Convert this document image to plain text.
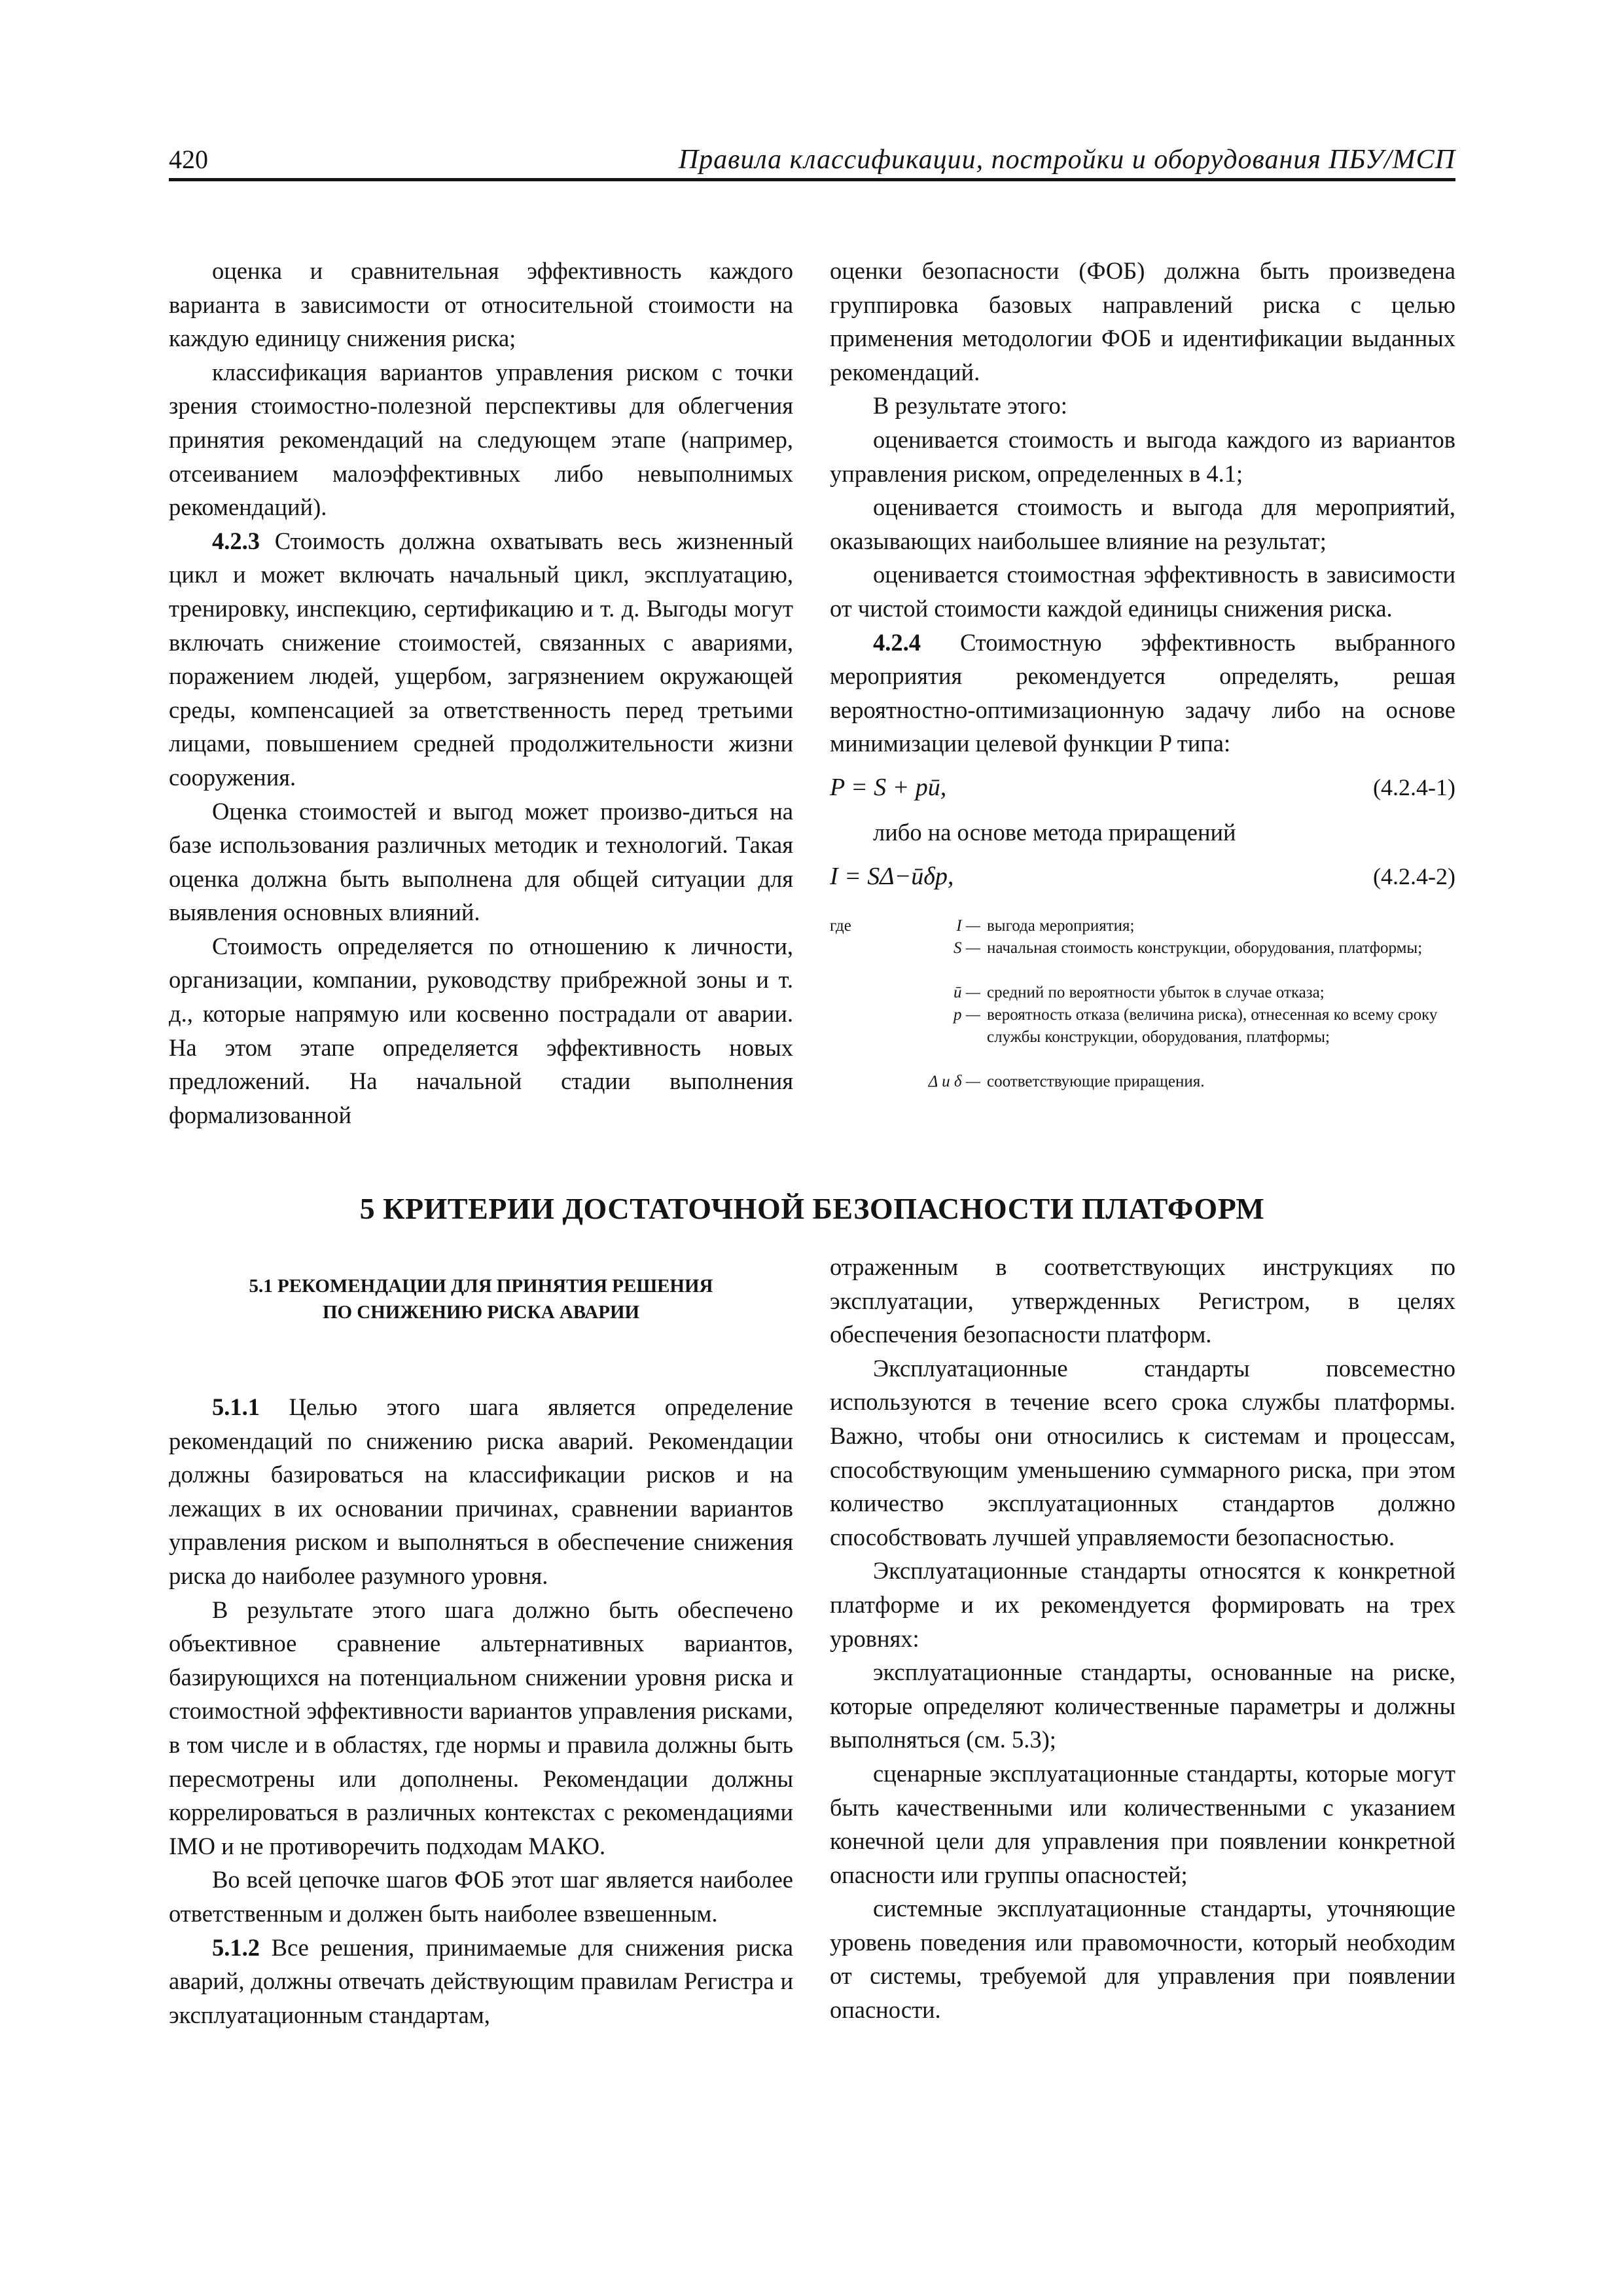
420	Правила классификации, постройки и оборудования ПБУ/МСП

оценка и сравнительная эффективность каждого варианта в зависимости от относительной стоимости на каждую единицу снижения риска;

классификация вариантов управления риском с точки зрения стоимостно-полезной перспективы для облегчения принятия рекомендаций на следующем этапе (например, отсеиванием малоэффективных либо невыполнимых рекомендаций).

4.2.3 Стоимость должна охватывать весь жизненный цикл и может включать начальный цикл, эксплуатацию, тренировку, инспекцию, сертификацию и т. д. Выгоды могут включать снижение стоимостей, связанных с авариями, поражением людей, ущербом, загрязнением окружающей среды, компенсацией за ответственность перед третьими лицами, повышением средней продолжительности жизни сооружения.

Оценка стоимостей и выгод может произво-диться на базе использования различных методик и технологий. Такая оценка должна быть выполнена для общей ситуации для выявления основных влияний.

Стоимость определяется по отношению к личности, организации, компании, руководству прибрежной зоны и т. д., которые напрямую или косвенно пострадали от аварии. На этом этапе определяется эффективность новых предложений. На начальной стадии выполнения формализованной

оценки безопасности (ФОБ) должна быть произведена группировка базовых направлений риска с целью применения методологии ФОБ и идентификации выданных рекомендаций.

В результате этого:

оценивается стоимость и выгода каждого из вариантов управления риском, определенных в 4.1;

оценивается стоимость и выгода для мероприятий, оказывающих наибольшее влияние на результат;

оценивается стоимостная эффективность в зависимости от чистой стоимости каждой единицы снижения риска.

4.2.4 Стоимостную эффективность выбранного мероприятия рекомендуется определять, решая вероятностно-оптимизационную задачу либо на основе минимизации целевой функции P типа:

P = S + pū,	(4.2.4-1)

либо на основе метода приращений

I = SΔ−ūδp,	(4.2.4-2)
где	I — выгода мероприятия;
S — начальная стоимость конструкции, оборудования, платформы;
ū — средний по вероятности убыток в случае отказа;
p — вероятность отказа (величина риска), отнесенная ко всему сроку службы конструкции, оборудования, платформы;
Δ и δ — соответствующие приращения.
5 КРИТЕРИИ ДОСТАТОЧНОЙ БЕЗОПАСНОСТИ ПЛАТФОРМ
5.1 РЕКОМЕНДАЦИИ ДЛЯ ПРИНЯТИЯ РЕШЕНИЯ
ПО СНИЖЕНИЮ РИСКА АВАРИИ

5.1.1 Целью этого шага является определение рекомендаций по снижению риска аварий. Рекомендации должны базироваться на классификации рисков и на лежащих в их основании причинах, сравнении вариантов управления риском и выполняться в обеспечение снижения риска до наиболее разумного уровня.

В результате этого шага должно быть обеспечено объективное сравнение альтернативных вариантов, базирующихся на потенциальном снижении уровня риска и стоимостной эффективности вариантов управления рисками, в том числе и в областях, где нормы и правила должны быть пересмотрены или дополнены. Рекомендации должны коррелироваться в различных контекстах с рекомендациями IMO и не противоречить подходам МАКО.

Во всей цепочке шагов ФОБ этот шаг является наиболее ответственным и должен быть наиболее взвешенным.

5.1.2 Все решения, принимаемые для снижения риска аварий, должны отвечать действующим правилам Регистра и эксплуатационным стандартам,

отраженным в соответствующих инструкциях по эксплуатации, утвержденных Регистром, в целях обеспечения безопасности платформ.

Эксплуатационные стандарты повсеместно используются в течение всего срока службы платформы. Важно, чтобы они относились к системам и процессам, способствующим уменьшению суммарного риска, при этом количество эксплуатационных стандартов должно способствовать лучшей управляемости безопасностью.

Эксплуатационные стандарты относятся к конкретной платформе и их рекомендуется формировать на трех уровнях:

эксплуатационные стандарты, основанные на риске, которые определяют количественные параметры и должны выполняться (см. 5.3);

сценарные эксплуатационные стандарты, которые могут быть качественными или количественными с указанием конечной цели для управления при появлении конкретной опасности или группы опасностей;

системные эксплуатационные стандарты, уточняющие уровень поведения или правомочности, который необходим от системы, требуемой для управления при появлении опасности.
